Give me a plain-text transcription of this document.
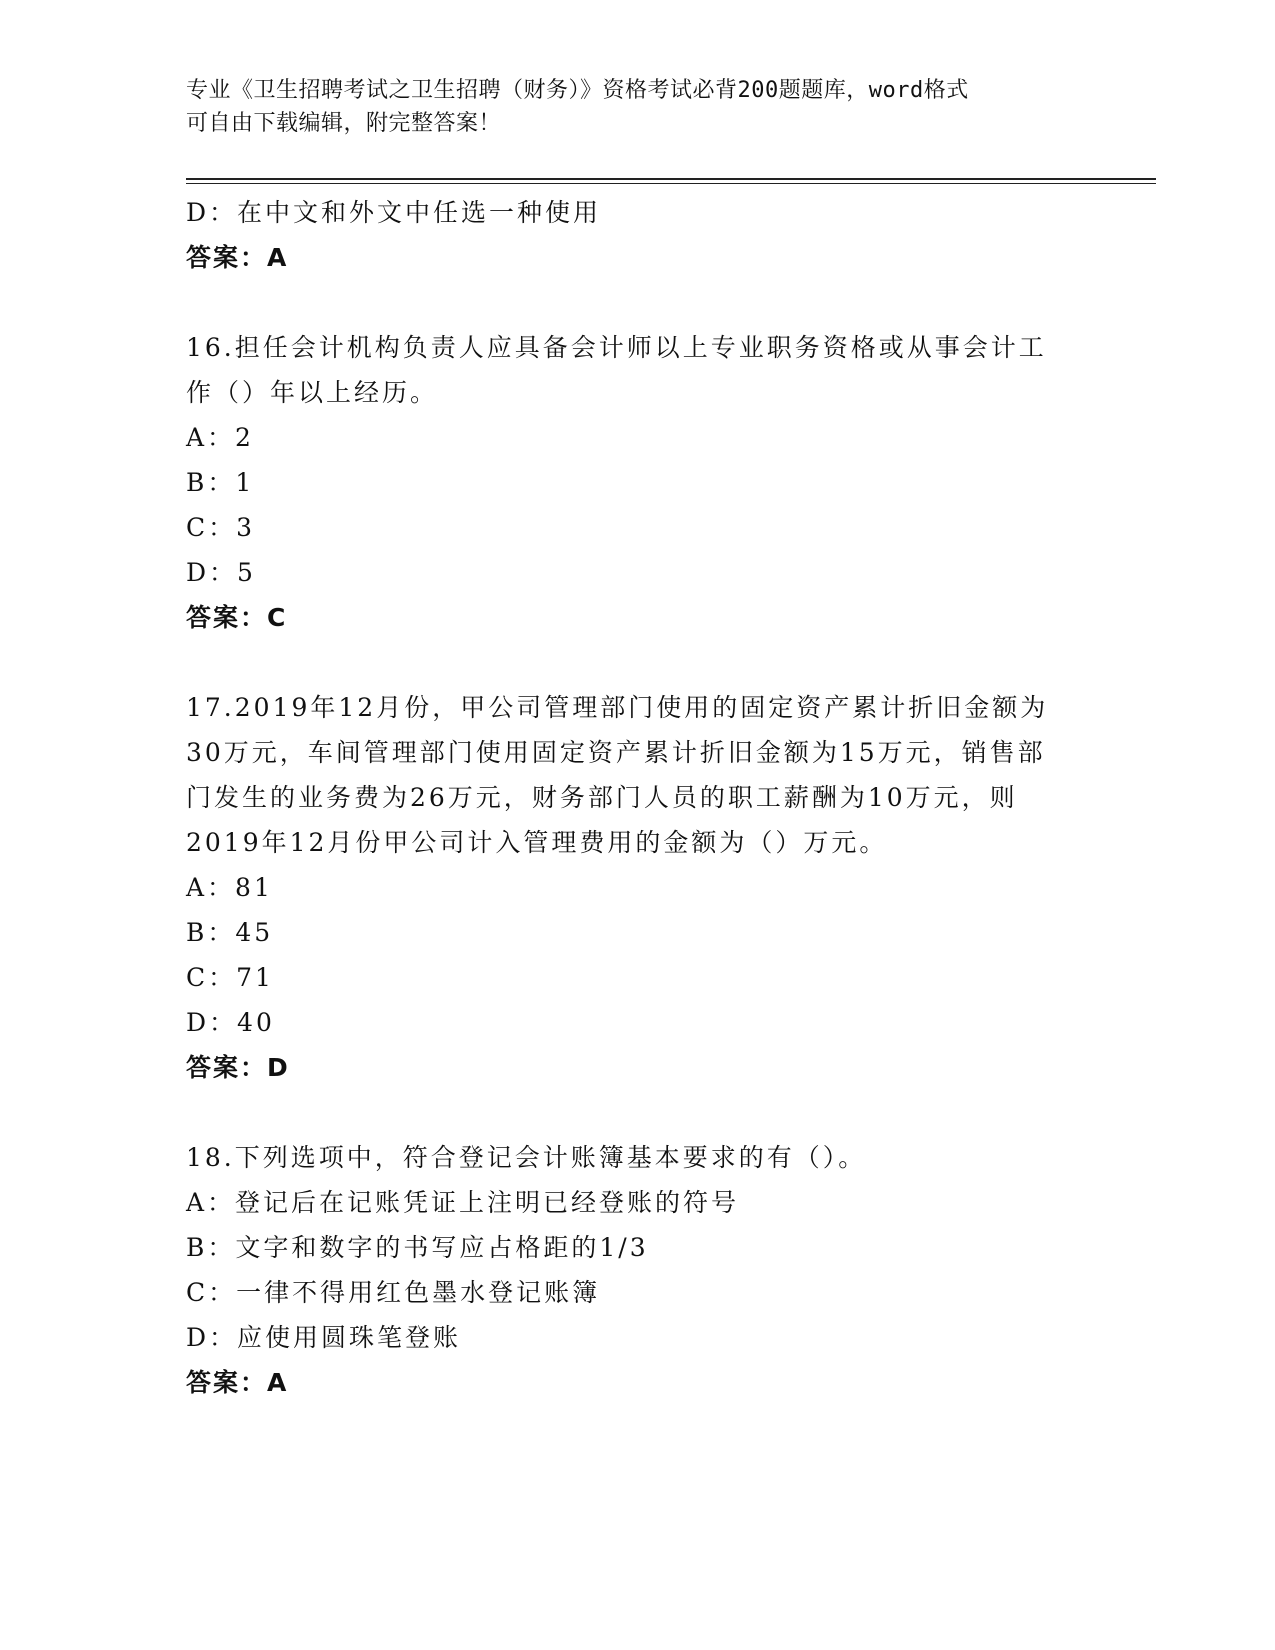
专业《卫生招聘考试之卫生招聘（财务）》资格考试必背200题题库，word格式
可自由下载编辑，附完整答案！
D：在中文和外文中任选一种使用
答案：A
16.担任会计机构负责人应具备会计师以上专业职务资格或从事会计工
作（）年以上经历。
A：2
B：1
C：3
D：5
答案：C
17.2019年12月份，甲公司管理部门使用的固定资产累计折旧金额为
30万元，车间管理部门使用固定资产累计折旧金额为15万元，销售部
门发生的业务费为26万元，财务部门人员的职工薪酬为10万元，则
2019年12月份甲公司计入管理费用的金额为（）万元。
A：81
B：45
C：71
D：40
答案：D
18.下列选项中，符合登记会计账簿基本要求的有（）。
A：登记后在记账凭证上注明已经登账的符号
B：文字和数字的书写应占格距的1/3
C：一律不得用红色墨水登记账簿
D：应使用圆珠笔登账
答案：A
